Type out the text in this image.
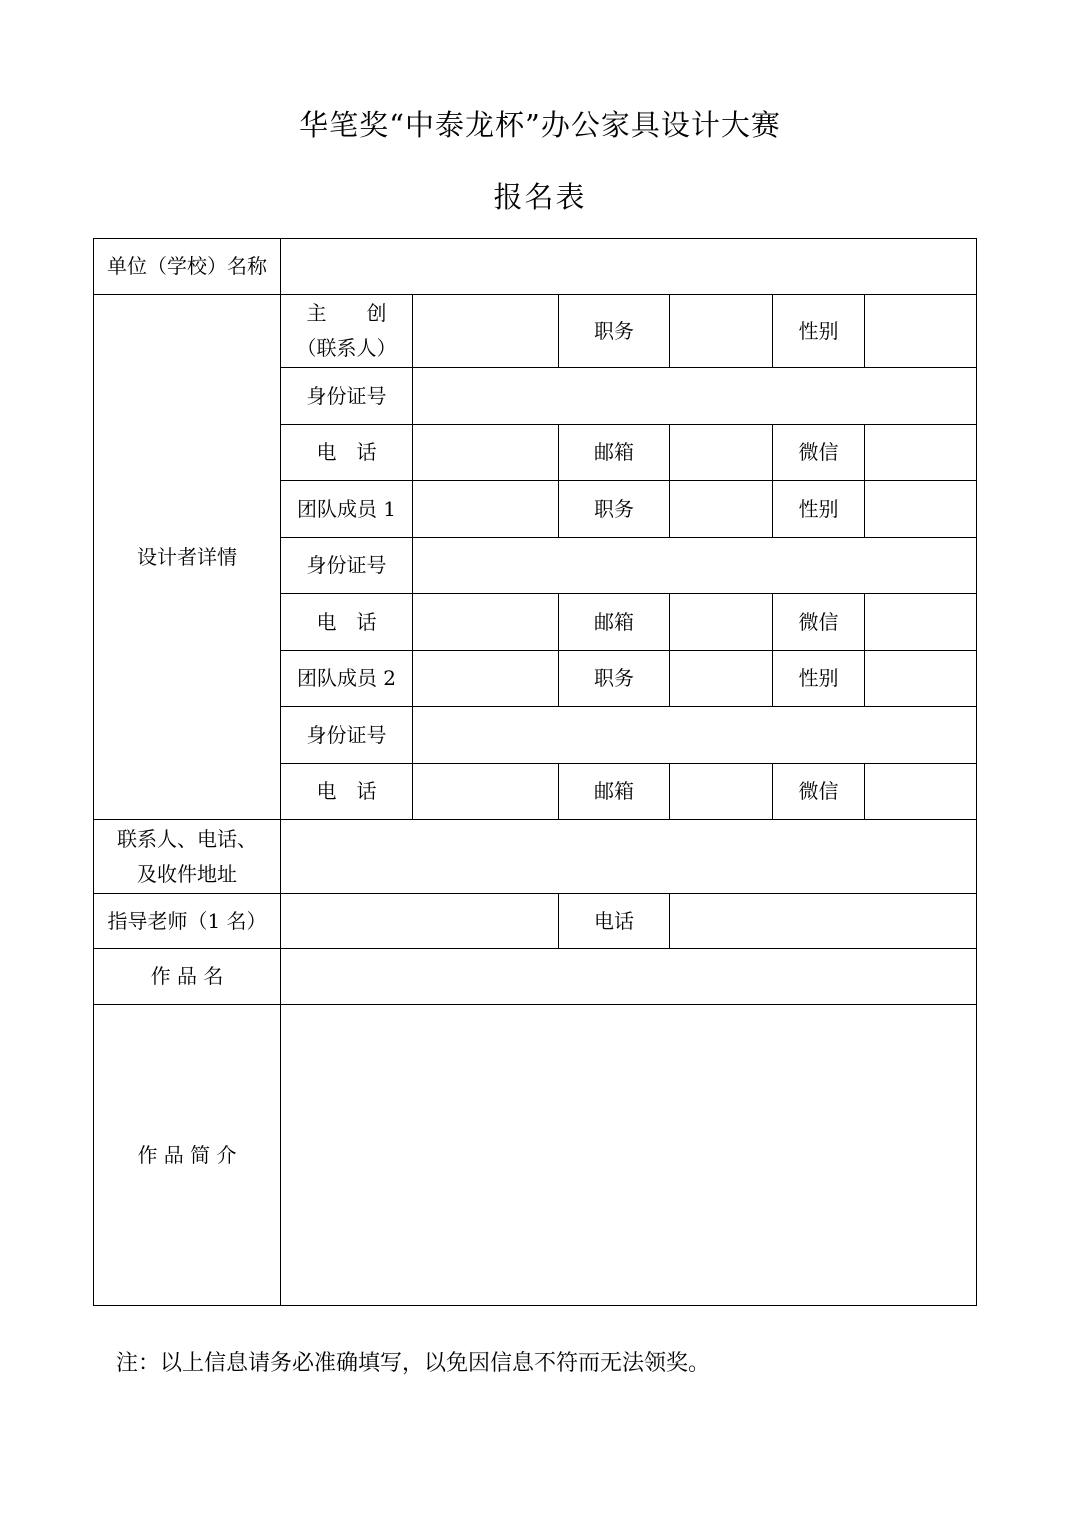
华笔奖“中泰龙杯”办公家具设计大赛
报名表
单位（学校）名称						
设计者详情	主　　创
（联系人）		职务		性别	
	身份证号					
	电　话		邮箱		微信	
	团队成员 1		职务		性别	
	身份证号					
	电　话		邮箱		微信	
	团队成员 2		职务		性别	
	身份证号					
	电　话		邮箱		微信	

联系人、电话、
及收件地址						

指导老师（1 名）			电话			
作 品 名						
作 品 简 介						
注：以上信息请务必准确填写，以免因信息不符而无法领奖。
